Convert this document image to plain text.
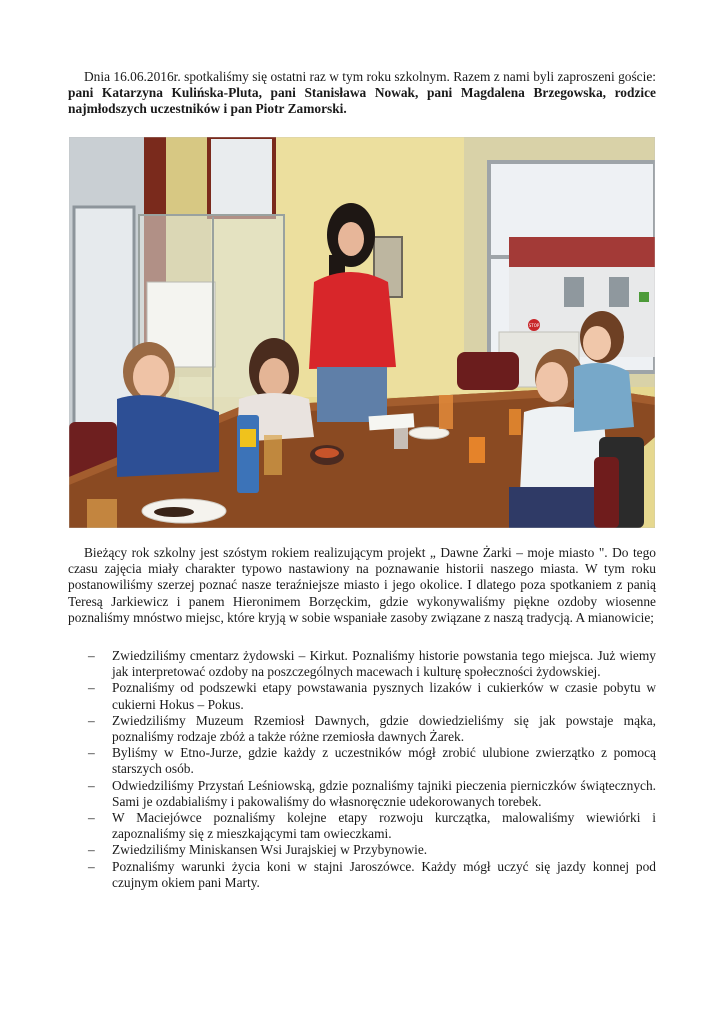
Dnia 16.06.2016r. spotkaliśmy się ostatni raz w tym roku szkolnym. Razem z nami byli zaproszeni goście: pani Katarzyna Kulińska-Pluta, pani Stanisława Nowak, pani Magdalena Brzegowska, rodzice najmłodszych uczestników i pan Piotr Zamorski.

STOP

Bieżący rok szkolny jest szóstym rokiem realizującym projekt „ Dawne Żarki – moje miasto ". Do tego czasu zajęcia miały charakter typowo nastawiony na poznawanie historii naszego miasta. W tym roku postanowiliśmy szerzej poznać nasze teraźniejsze miasto i jego okolice. I dlatego poza spotkaniem z panią Teresą Jarkiewicz i panem Hieronimem Borzęckim, gdzie wykonywaliśmy piękne ozdoby wiosenne poznaliśmy mnóstwo miejsc, które kryją w sobie wspaniałe zasoby związane z naszą tradycją. A mianowicie;

– Zwiedziliśmy cmentarz żydowski – Kirkut. Poznaliśmy historie powstania tego miejsca. Już wiemy jak interpretować ozdoby na poszczególnych macewach i kulturę społeczności żydowskiej.
– Poznaliśmy od podszewki etapy powstawania pysznych lizaków i cukierków w czasie pobytu w cukierni Hokus – Pokus.
– Zwiedziliśmy Muzeum Rzemiosł Dawnych, gdzie dowiedzieliśmy się jak powstaje mąka, poznaliśmy rodzaje zbóż a także różne rzemiosła dawnych Żarek.
– Byliśmy w Etno-Jurze, gdzie każdy z uczestników mógł zrobić ulubione zwierzątko z pomocą starszych osób.
– Odwiedziliśmy Przystań Leśniowską, gdzie poznaliśmy tajniki pieczenia pierniczków świątecznych. Sami je ozdabialiśmy i pakowaliśmy do własnoręcznie udekorowanych torebek.
– W Maciejówce poznaliśmy kolejne etapy rozwoju kurczątka, malowaliśmy wiewiórki i zapoznaliśmy się z mieszkającymi tam owieczkami.
– Zwiedziliśmy Miniskansen Wsi Jurajskiej w Przybynowie.
– Poznaliśmy warunki życia koni w stajni Jaroszówce. Każdy mógł uczyć się jazdy konnej pod czujnym okiem pani Marty.
